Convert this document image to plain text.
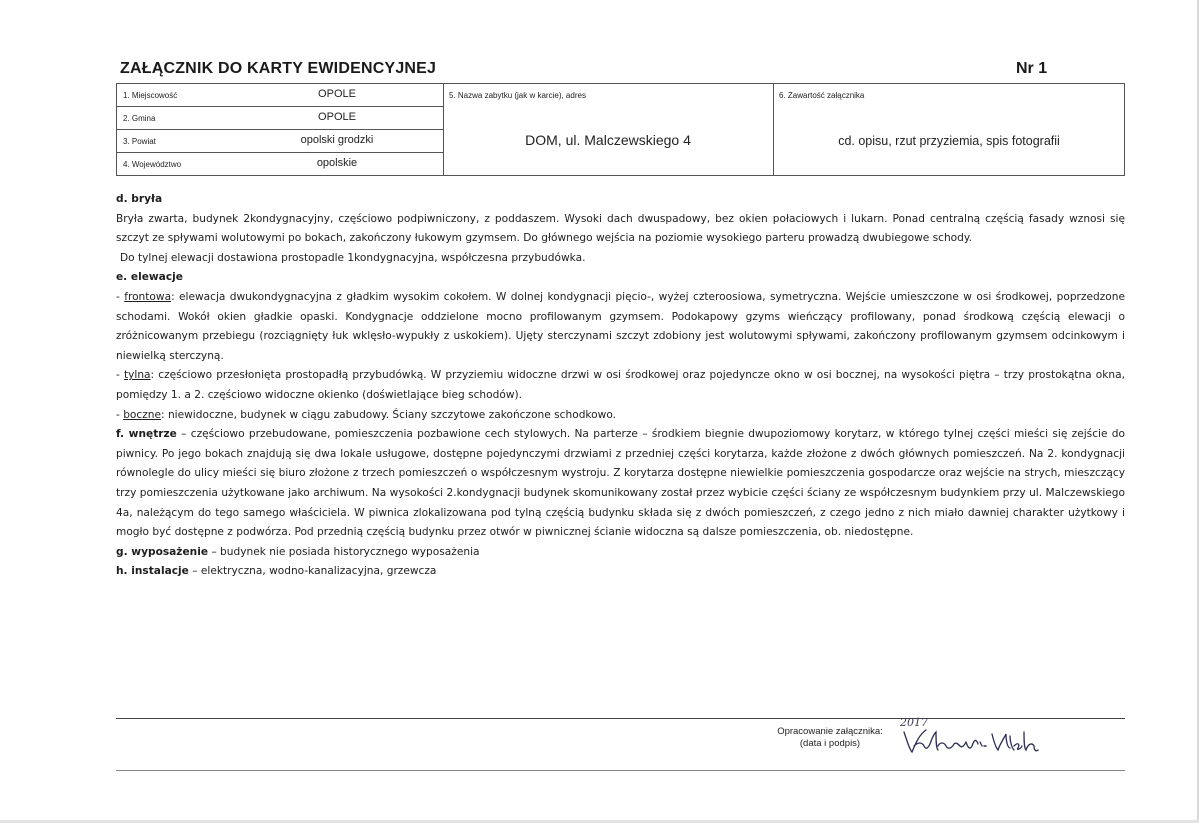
ZAŁĄCZNIK DO KARTY EWIDENCYJNEJ	Nr 1
1. Miejscowość	OPOLE
2. Gmina	OPOLE
3. Powiat	opolski grodzki
4. Województwo	opolskie
5. Nazwa zabytku (jak w karcie), adres
DOM, ul. Malczewskiego 4
6. Zawartość załącznika
cd. opisu, rzut przyziemia, spis fotografii

d. bryła

Bryła zwarta, budynek 2kondygnacyjny, częściowo podpiwniczony, z poddaszem. Wysoki dach dwuspadowy, bez okien połaciowych i lukarn. Ponad centralną częścią fasady wznosi się szczyt ze spływami wolutowymi po bokach, zakończony łukowym gzymsem. Do głównego wejścia na poziomie wysokiego parteru prowadzą dwubiegowe schody.

Do tylnej elewacji dostawiona prostopadle 1kondygnacyjna, współczesna przybudówka.

e. elewacje

- frontowa: elewacja dwukondygnacyjna z gładkim wysokim cokołem. W dolnej kondygnacji pięcio-, wyżej czteroosiowa, symetryczna. Wejście umieszczone w osi środkowej, poprzedzone schodami. Wokół okien gładkie opaski. Kondygnacje oddzielone mocno profilowanym gzymsem. Podokapowy gzyms wieńczący profilowany, ponad środkową częścią elewacji o zróżnicowanym przebiegu (rozciągnięty łuk wklęsło-wypukły z uskokiem). Ujęty sterczynami szczyt zdobiony jest wolutowymi spływami, zakończony profilowanym gzymsem odcinkowym i niewielką sterczyną.

- tylna: częściowo przesłonięta prostopadłą przybudówką. W przyziemiu widoczne drzwi w osi środkowej oraz pojedyncze okno w osi bocznej, na wysokości piętra – trzy prostokątna okna, pomiędzy 1. a 2. częściowo widoczne okienko (doświetlające bieg schodów).

- boczne: niewidoczne, budynek w ciągu zabudowy. Ściany szczytowe zakończone schodkowo.

f. wnętrze – częściowo przebudowane, pomieszczenia pozbawione cech stylowych. Na parterze – środkiem biegnie dwupoziomowy korytarz, w którego tylnej części mieści się zejście do piwnicy. Po jego bokach znajdują się dwa lokale usługowe, dostępne pojedynczymi drzwiami z przedniej części korytarza, każde złożone z dwóch głównych pomieszczeń. Na 2. kondygnacji równolegle do ulicy mieści się biuro złożone z trzech pomieszczeń o współczesnym wystroju. Z korytarza dostępne niewielkie pomieszczenia gospodarcze oraz wejście na strych, mieszczący trzy pomieszczenia użytkowane jako archiwum. Na wysokości 2.kondygnacji budynek skomunikowany został przez wybicie części ściany ze współczesnym budynkiem przy ul. Malczewskiego 4a, należącym do tego samego właściciela. W piwnica zlokalizowana pod tylną częścią budynku składa się z dwóch pomieszczeń, z czego jedno z nich miało dawniej charakter użytkowy i mogło być dostępne z podwórza. Pod przednią częścią budynku przez otwór w piwnicznej ścianie widoczna są dalsze pomieszczenia, ob. niedostępne.

g. wyposażenie – budynek nie posiada historycznego wyposażenia

h. instalacje – elektryczna, wodno-kanalizacyjna, grzewcza

Opracowanie załącznika:
(data i podpis)
2017
